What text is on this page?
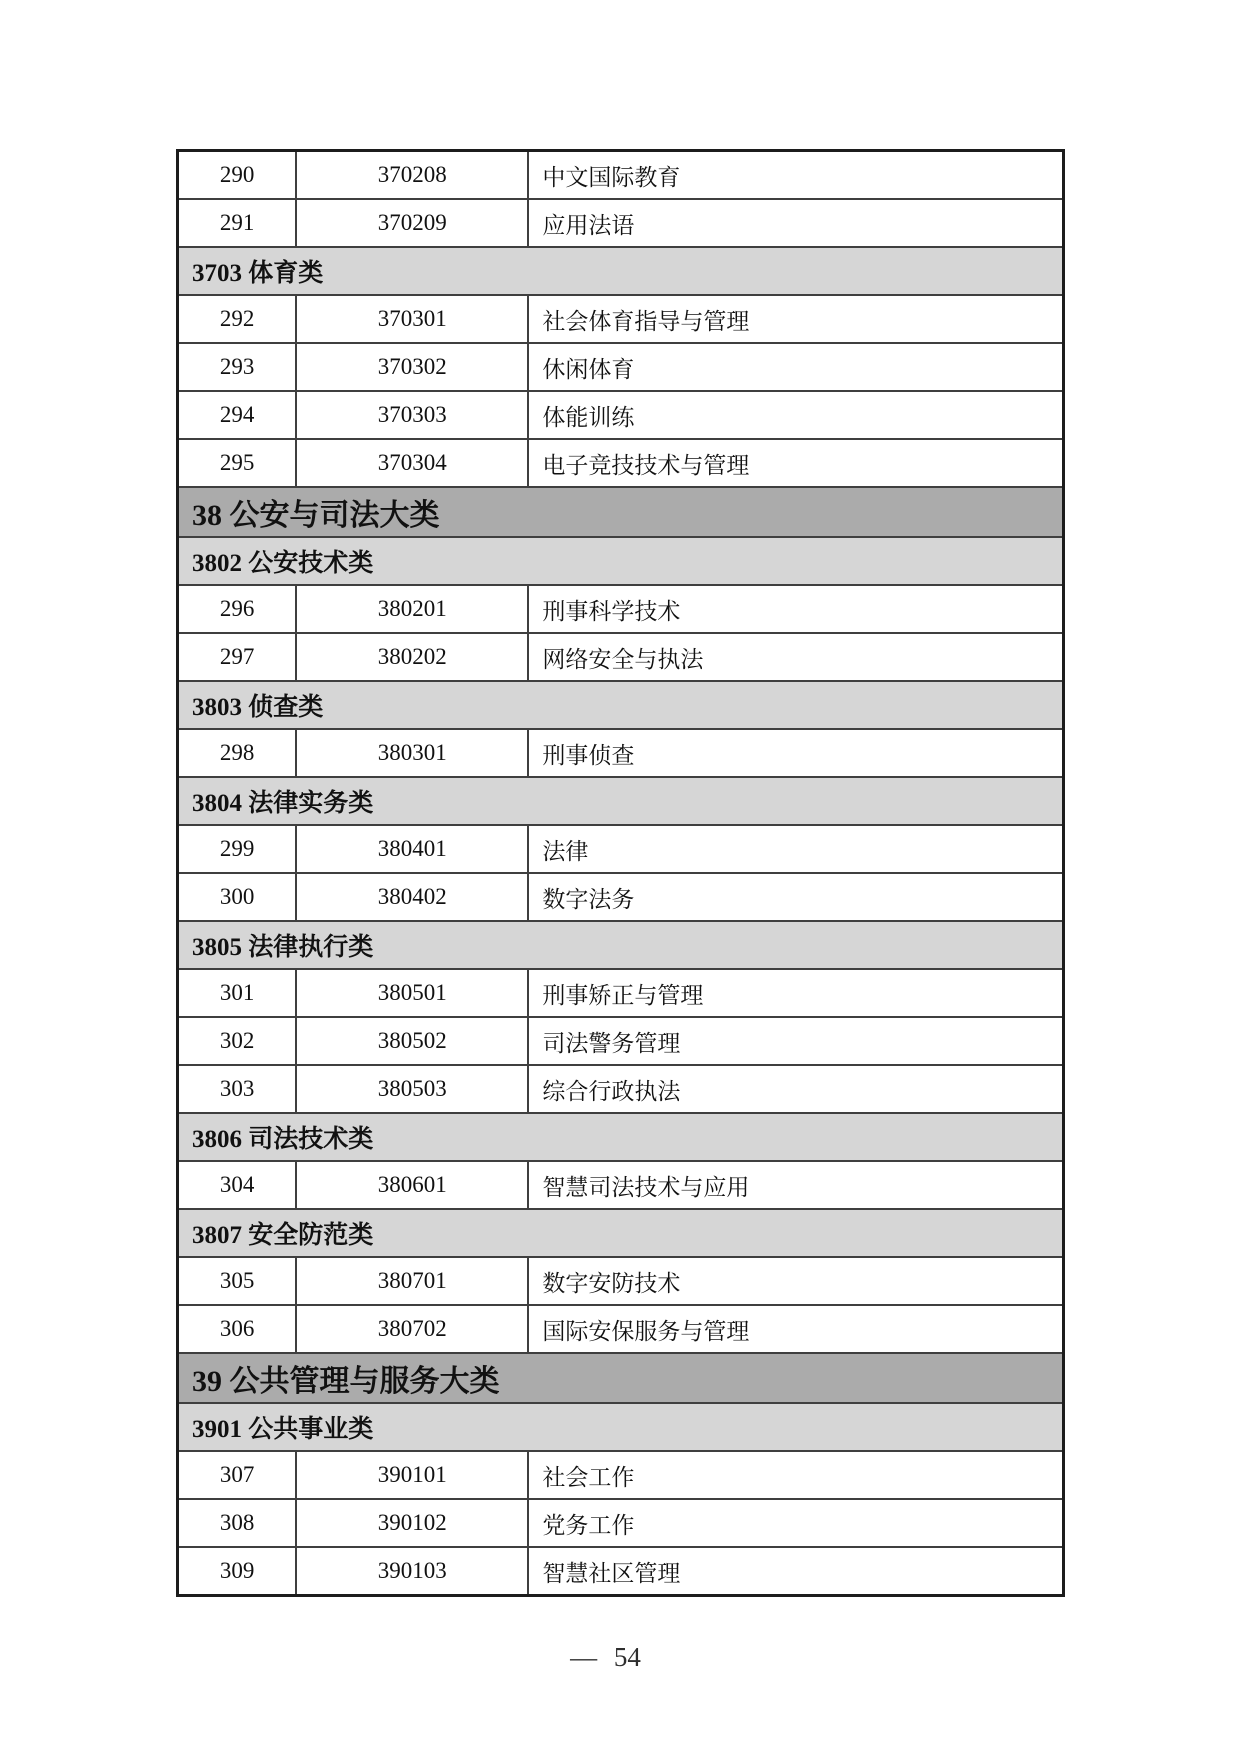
290	370208	中文国际教育
291	370209	应用法语
3703 体育类		
292	370301	社会体育指导与管理
293	370302	休闲体育
294	370303	体能训练
295	370304	电子竞技技术与管理
38 公安与司法大类		
3802 公安技术类		
296	380201	刑事科学技术
297	380202	网络安全与执法
3803 侦查类		
298	380301	刑事侦查
3804 法律实务类		
299	380401	法律
300	380402	数字法务
3805 法律执行类		
301	380501	刑事矫正与管理
302	380502	司法警务管理
303	380503	综合行政执法
3806 司法技术类		
304	380601	智慧司法技术与应用
3807 安全防范类		
305	380701	数字安防技术
306	380702	国际安保服务与管理
39 公共管理与服务大类		
3901 公共事业类		
307	390101	社会工作
308	390102	党务工作
309	390103	智慧社区管理
— 54
